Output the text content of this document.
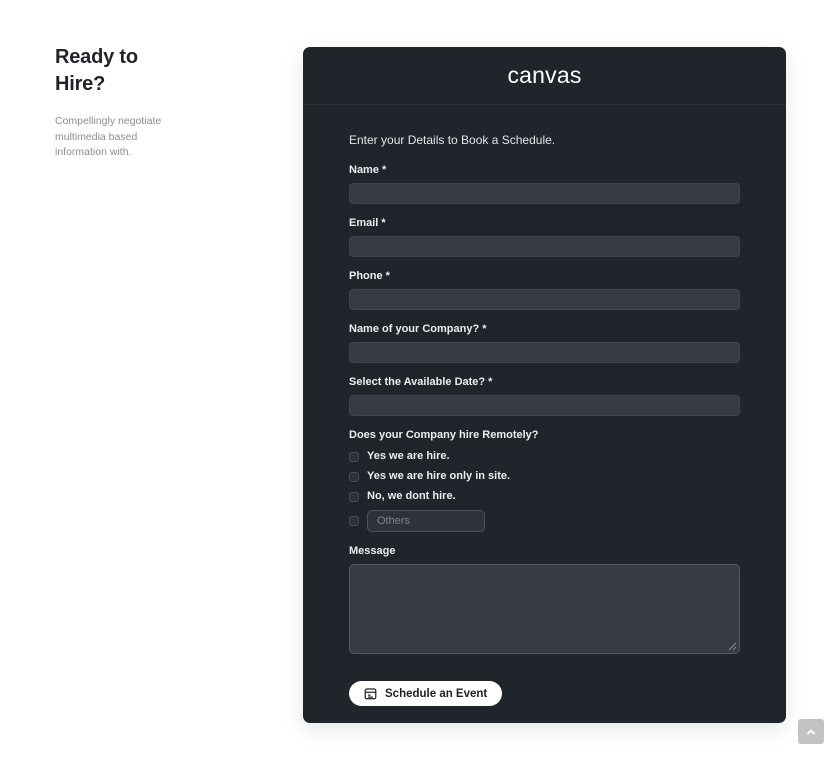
Ready to Hire?

Compellingly negotiate multimedia based information with.

canvas
Enter your Details to Book a Schedule.
Name *
Email *
Phone *
Name of your Company? *
Select the Available Date? *
Does your Company hire Remotely?
Yes we are hire.
Yes we are hire only in site.
No, we dont hire.
Others
Message
Schedule an Event
